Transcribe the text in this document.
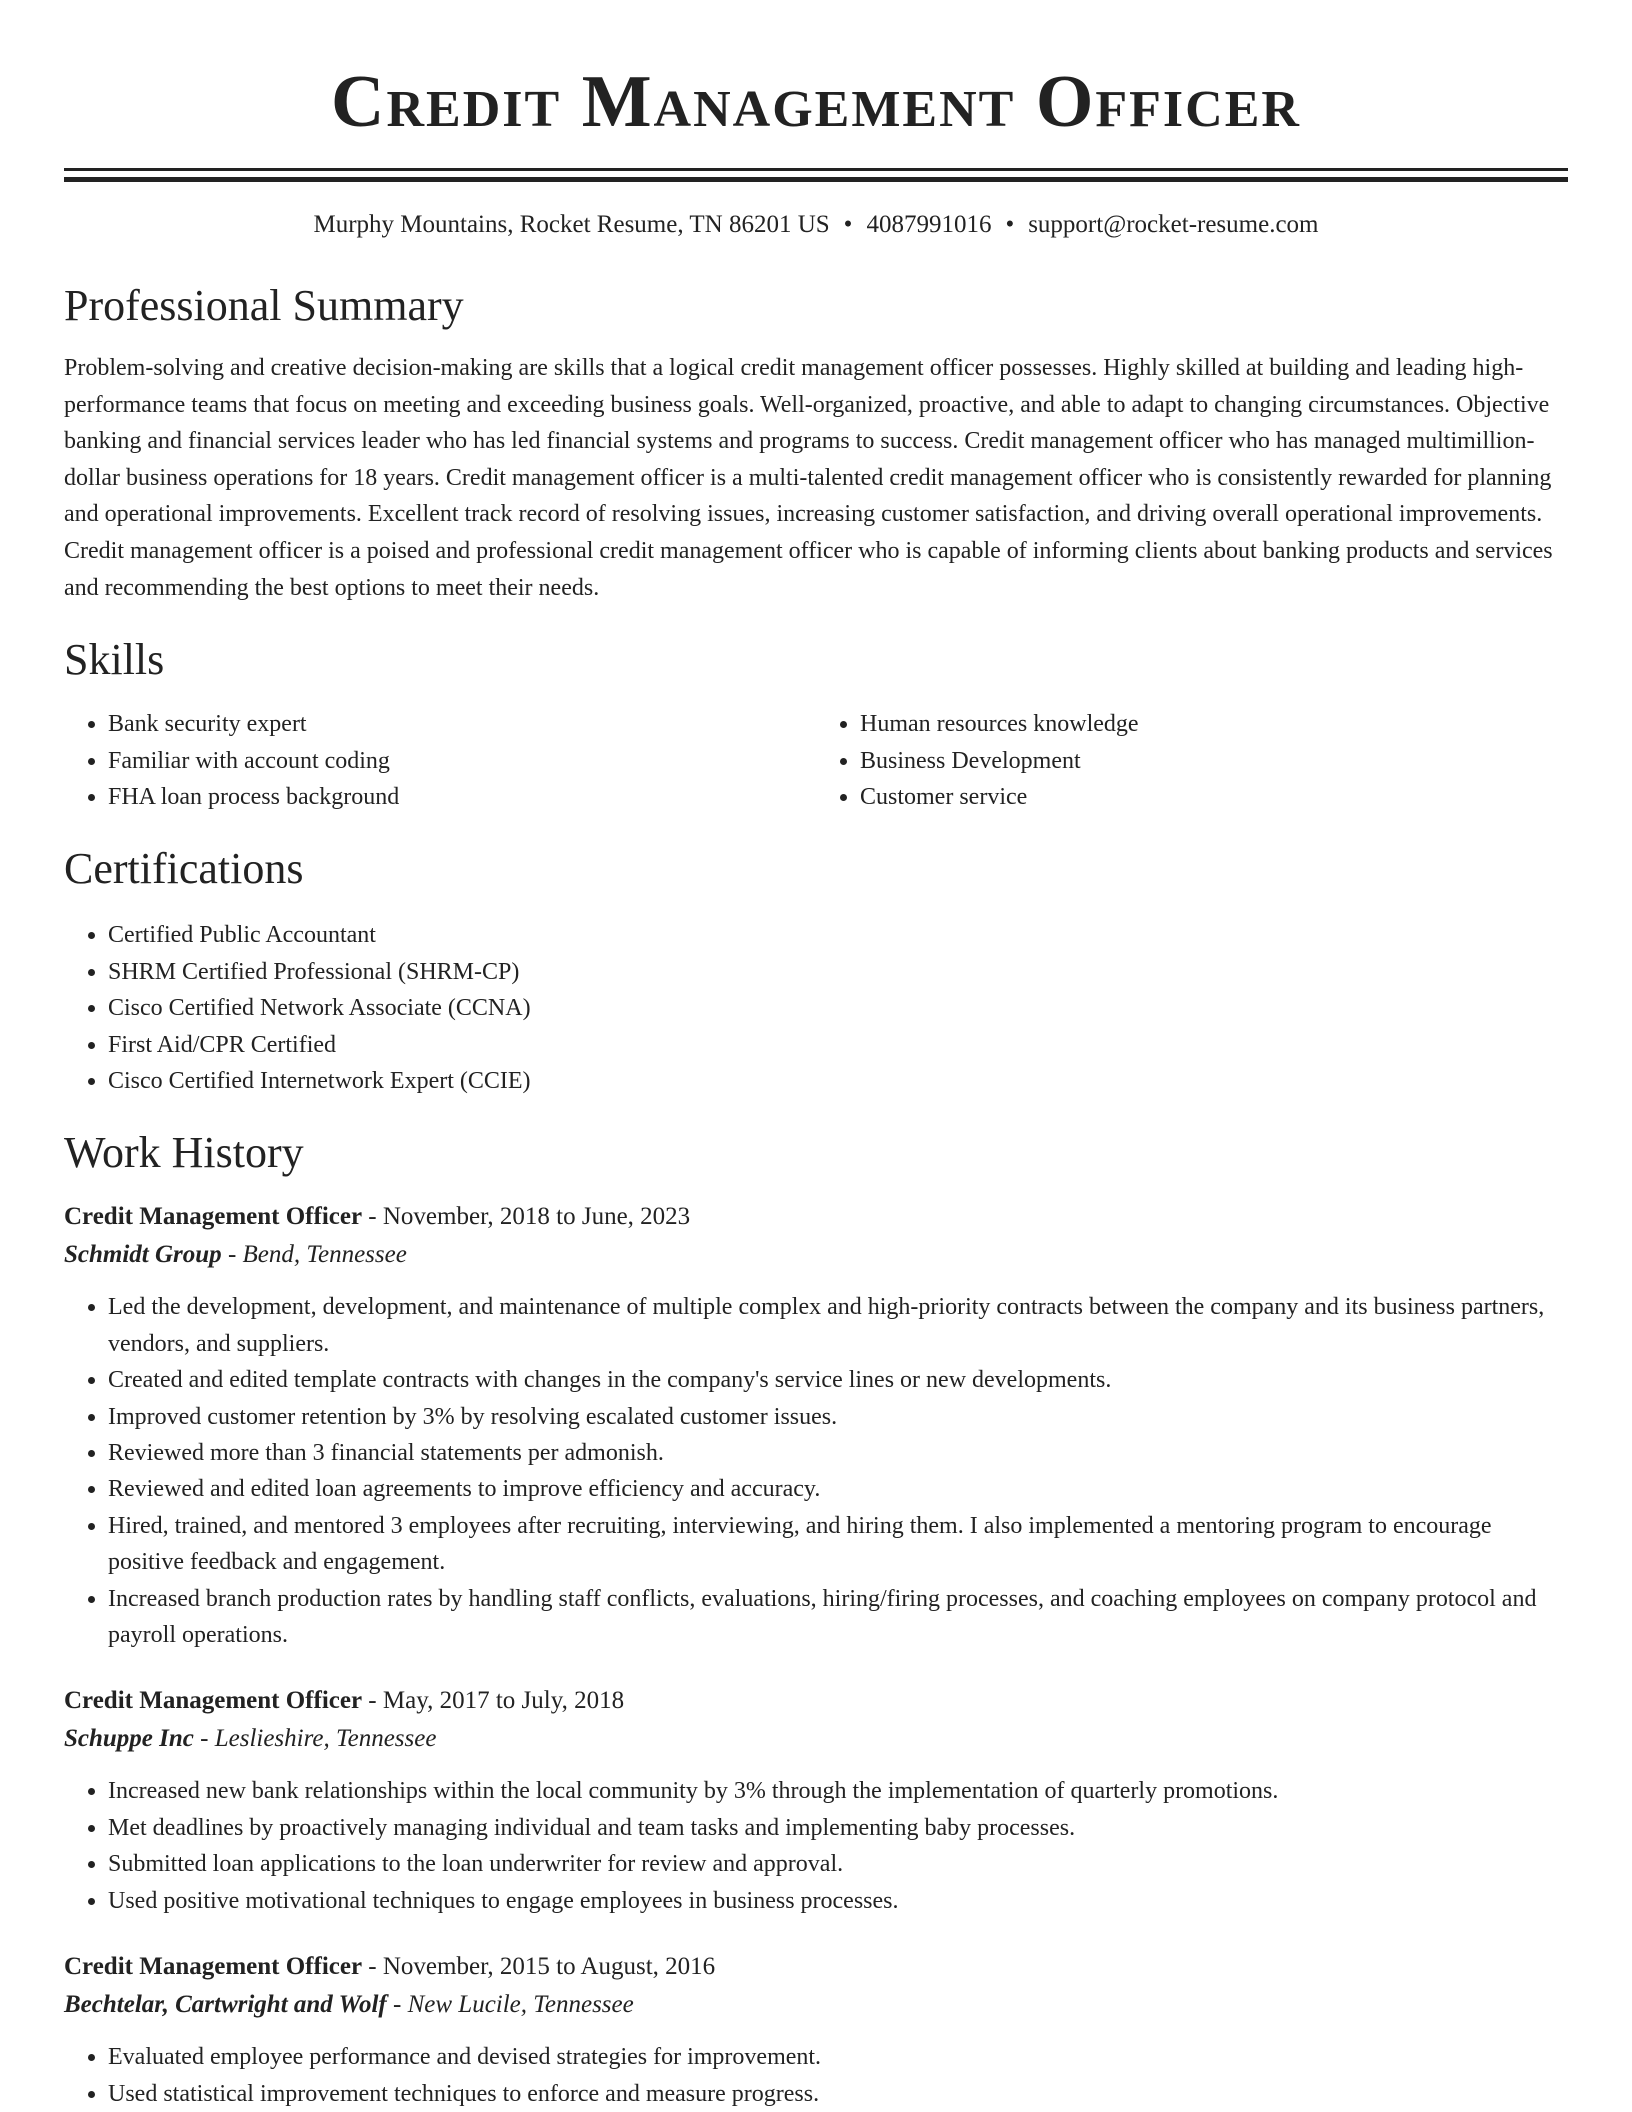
Credit Management Officer
Murphy Mountains, Rocket Resume, TN 86201 US • 4087991016 • support@rocket-resume.com
Professional Summary

Problem-solving and creative decision-making are skills that a logical credit management officer possesses. Highly skilled at building and leading high-performance teams that focus on meeting and exceeding business goals. Well-organized, proactive, and able to adapt to changing circumstances. Objective banking and financial services leader who has led financial systems and programs to success. Credit management officer who has managed multimillion-dollar business operations for 18 years. Credit management officer is a multi-talented credit management officer who is consistently rewarded for planning and operational improvements. Excellent track record of resolving issues, increasing customer satisfaction, and driving overall operational improvements. Credit management officer is a poised and professional credit management officer who is capable of informing clients about banking products and services and recommending the best options to meet their needs.

Skills
• Bank security expert
• Familiar with account coding
• FHA loan process background
• Human resources knowledge
• Business Development
• Customer service
Certifications
• Certified Public Accountant
• SHRM Certified Professional (SHRM-CP)
• Cisco Certified Network Associate (CCNA)
• First Aid/CPR Certified
• Cisco Certified Internetwork Expert (CCIE)
Work History
Credit Management Officer - November, 2018 to June, 2023
Schmidt Group - Bend, Tennessee
• Led the development, development, and maintenance of multiple complex and high-priority contracts between the company and its business partners, vendors, and suppliers.
• Created and edited template contracts with changes in the company's service lines or new developments.
• Improved customer retention by 3% by resolving escalated customer issues.
• Reviewed more than 3 financial statements per admonish.
• Reviewed and edited loan agreements to improve efficiency and accuracy.
• Hired, trained, and mentored 3 employees after recruiting, interviewing, and hiring them. I also implemented a mentoring program to encourage positive feedback and engagement.
• Increased branch production rates by handling staff conflicts, evaluations, hiring/firing processes, and coaching employees on company protocol and payroll operations.
Credit Management Officer - May, 2017 to July, 2018
Schuppe Inc - Leslieshire, Tennessee
• Increased new bank relationships within the local community by 3% through the implementation of quarterly promotions.
• Met deadlines by proactively managing individual and team tasks and implementing baby processes.
• Submitted loan applications to the loan underwriter for review and approval.
• Used positive motivational techniques to engage employees in business processes.
Credit Management Officer - November, 2015 to August, 2016
Bechtelar, Cartwright and Wolf - New Lucile, Tennessee
• Evaluated employee performance and devised strategies for improvement.
• Used statistical improvement techniques to enforce and measure progress.
